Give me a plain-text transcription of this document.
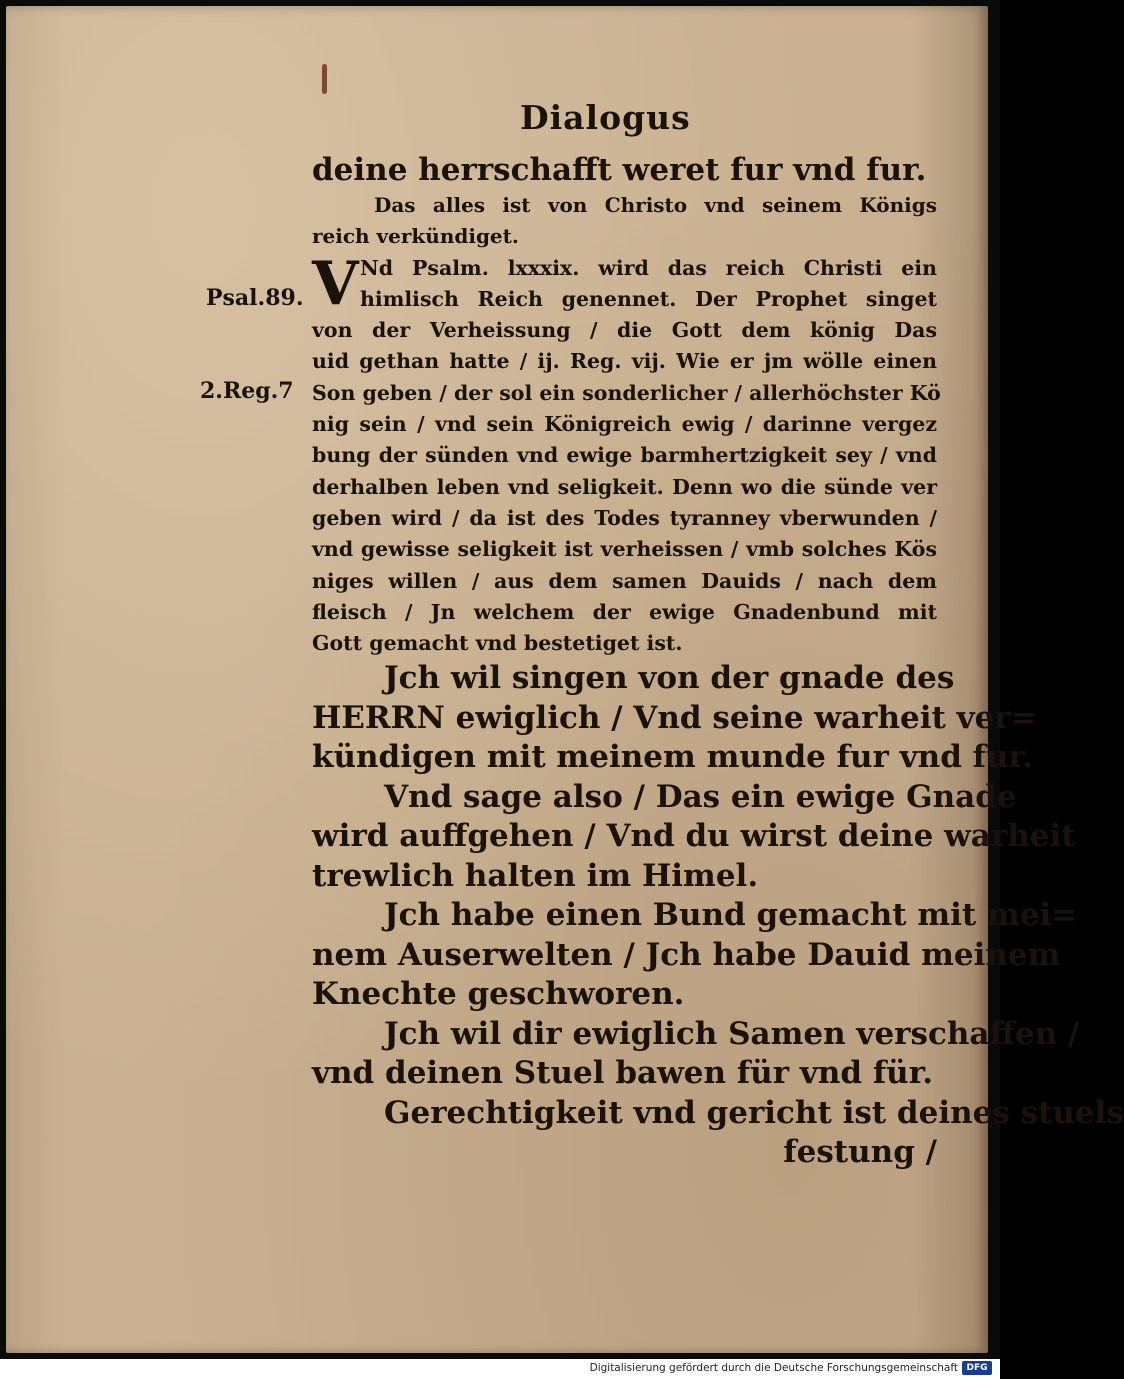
Dialogus
Psal.89.
2.Reg.7
deine herrschafft weret fur vnd fur.
Das alles ist von Christo vnd seinem Königs
reich verkündiget.
V Nd Psalm. lxxxix. wird das reich Christi ein
himlisch Reich genennet. Der Prophet singet
von der Verheissung / die Gott dem könig Das
uid gethan hatte / ij. Reg. vij. Wie er jm wölle einen
Son geben / der sol ein sonderlicher / allerhöchster Kö
nig sein / vnd sein Königreich ewig / darinne vergez
bung der sünden vnd ewige barmhertzigkeit sey / vnd
derhalben leben vnd seligkeit. Denn wo die sünde ver
geben wird / da ist des Todes tyranney vberwunden /
vnd gewisse seligkeit ist verheissen / vmb solches Kös
niges willen / aus dem samen Dauids / nach dem
fleisch / Jn welchem der ewige Gnadenbund mit
Gott gemacht vnd bestetiget ist.
Jch wil singen von der gnade des
HERRN ewiglich / Vnd seine warheit ver=
kündigen mit meinem munde fur vnd fur.
Vnd sage also / Das ein ewige Gnade
wird auffgehen / Vnd du wirst deine warheit
trewlich halten im Himel.
Jch habe einen Bund gemacht mit mei=
nem Auserwelten / Jch habe Dauid meinem
Knechte geschworen.
Jch wil dir ewiglich Samen verschaffen /
vnd deinen Stuel bawen für vnd für.
Gerechtigkeit vnd gericht ist deines stuels
festung /
Digitalisierung gefördert durch die Deutsche Forschungsgemeinschaft DFG
